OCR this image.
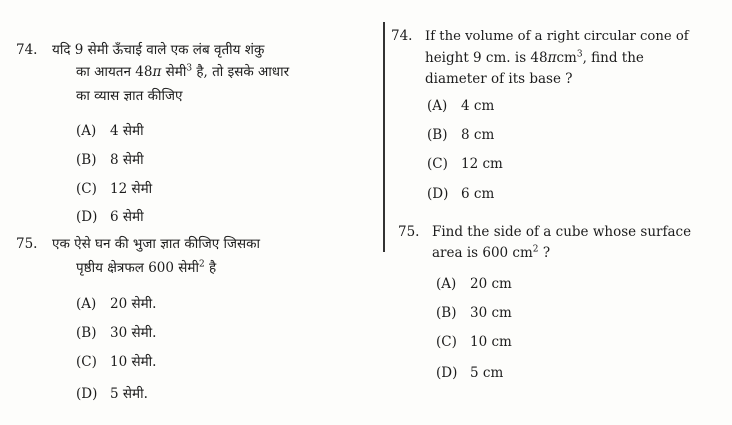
74. यदि 9 सेमी ऊँचाई वाले एक लंब वृतीय शंकु
का आयतन 48π सेमी$^3$ है, तो इसके आधार
का व्यास ज्ञात कीजिए
(A) 4 सेमी
(B) 8 सेमी
(C) 12 सेमी
(D) 6 सेमी
75. एक ऐसे घन की भुजा ज्ञात कीजिए जिसका
पृष्ठीय क्षेत्रफल 600 सेमी$^2$ है
(A) 20 सेमी.
(B) 30 सेमी.
(C) 10 सेमी.
(D) 5 सेमी.
74. If the volume of a right circular cone of
height 9 cm. is 48πcm$^3$, find the
diameter of its base ?
(A) 4 cm
(B) 8 cm
(C) 12 cm
(D) 6 cm
75. Find the side of a cube whose surface
area is 600 $cm^2$ ?
(A) 20 cm
(B) 30 cm
(C) 10 cm
(D) 5 cm
